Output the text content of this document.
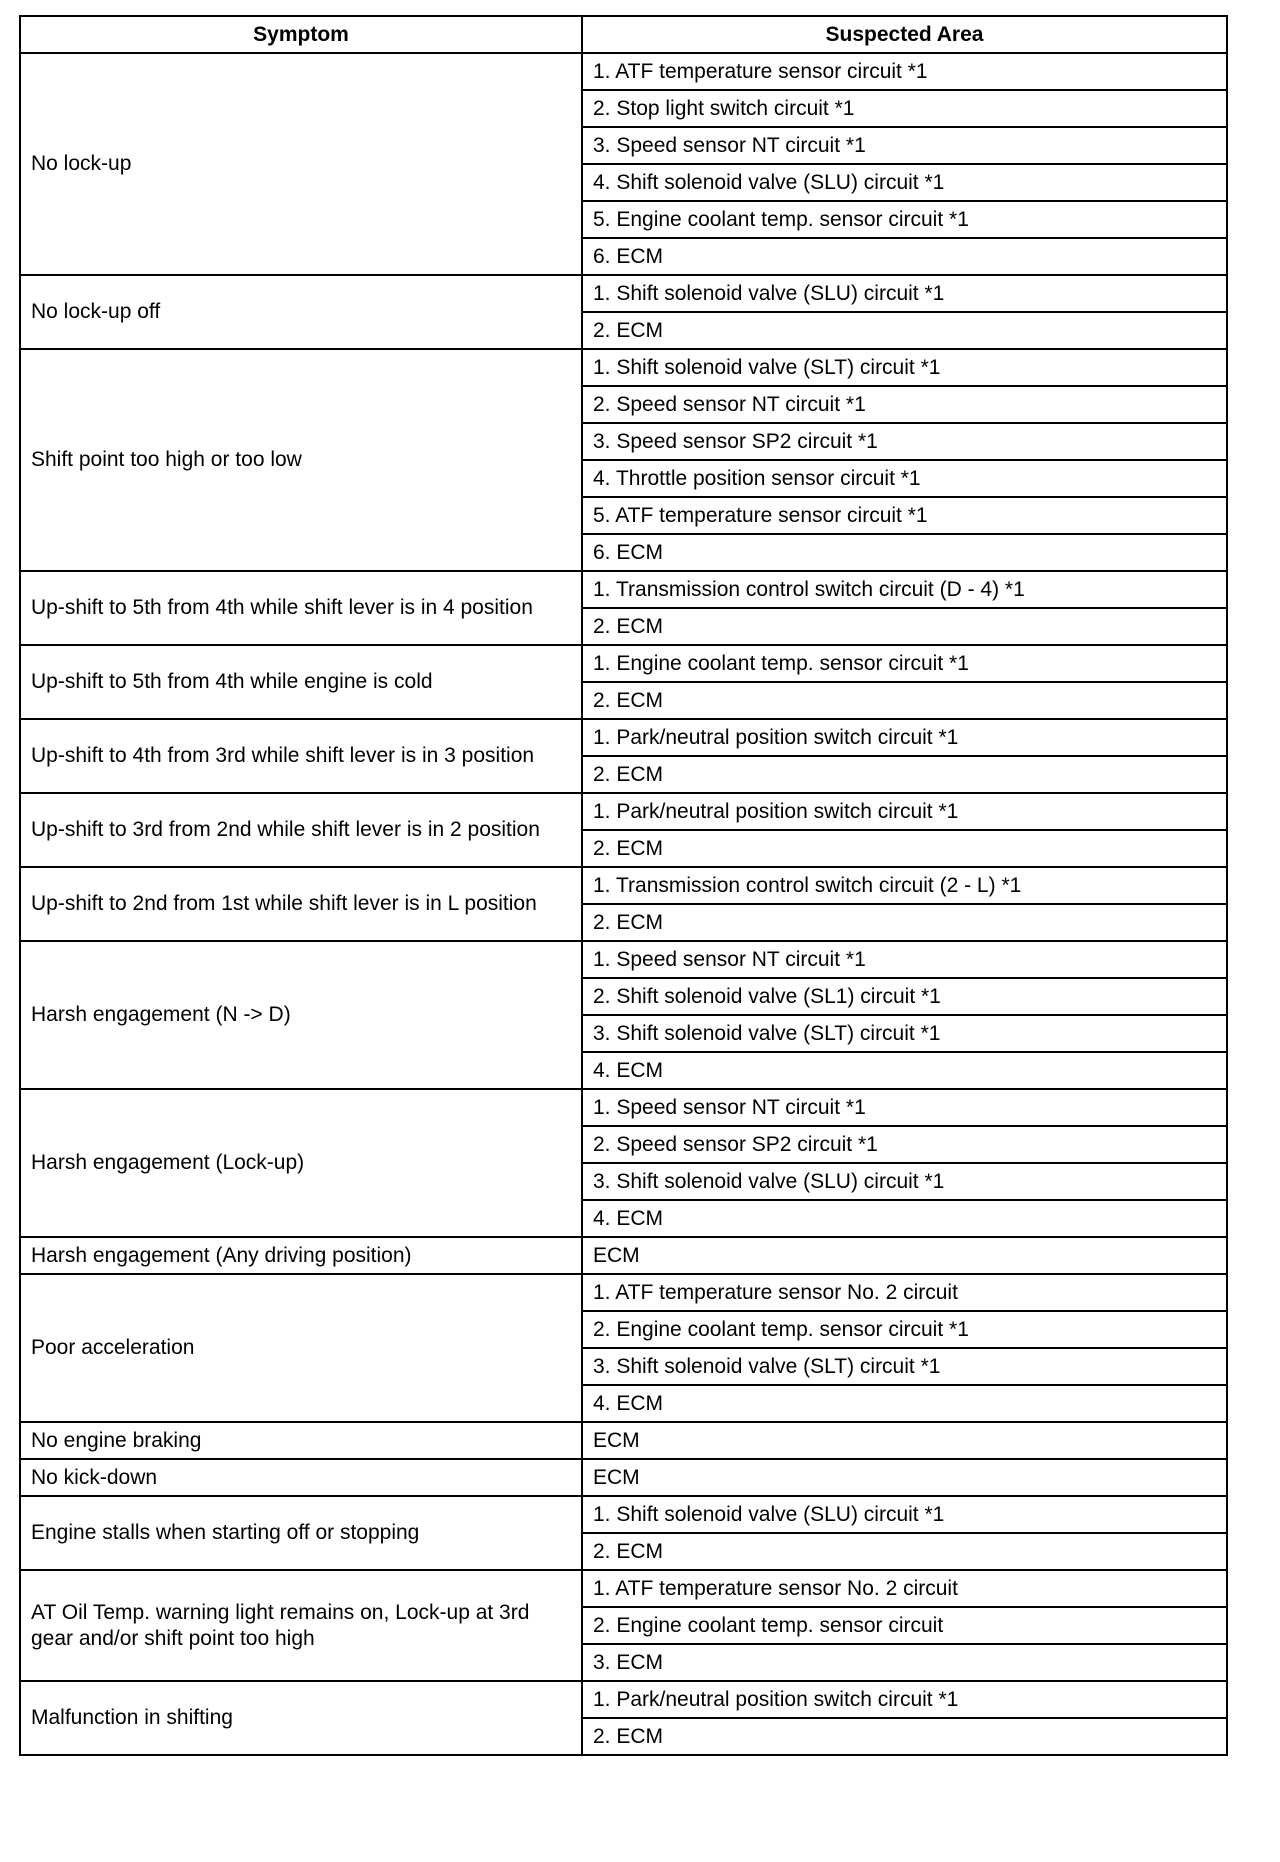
Symptom	Suspected Area
No lock-up	1. ATF temperature sensor circuit *1
	2. Stop light switch circuit *1
	3. Speed sensor NT circuit *1
	4. Shift solenoid valve (SLU) circuit *1
	5. Engine coolant temp. sensor circuit *1
	6. ECM
No lock-up off	1. Shift solenoid valve (SLU) circuit *1
	2. ECM
Shift point too high or too low	1. Shift solenoid valve (SLT) circuit *1
	2. Speed sensor NT circuit *1
	3. Speed sensor SP2 circuit *1
	4. Throttle position sensor circuit *1
	5. ATF temperature sensor circuit *1
	6. ECM
Up-shift to 5th from 4th while shift lever is in 4 position	1. Transmission control switch circuit (D - 4) *1
	2. ECM
Up-shift to 5th from 4th while engine is cold	1. Engine coolant temp. sensor circuit *1
	2. ECM
Up-shift to 4th from 3rd while shift lever is in 3 position	1. Park/neutral position switch circuit *1
	2. ECM
Up-shift to 3rd from 2nd while shift lever is in 2 position	1. Park/neutral position switch circuit *1
	2. ECM
Up-shift to 2nd from 1st while shift lever is in L position	1. Transmission control switch circuit (2 - L) *1
	2. ECM
Harsh engagement (N -> D)	1. Speed sensor NT circuit *1
	2. Shift solenoid valve (SL1) circuit *1
	3. Shift solenoid valve (SLT) circuit *1
	4. ECM
Harsh engagement (Lock-up)	1. Speed sensor NT circuit *1
	2. Speed sensor SP2 circuit *1
	3. Shift solenoid valve (SLU) circuit *1
	4. ECM
Harsh engagement (Any driving position)	ECM
Poor acceleration	1. ATF temperature sensor No. 2 circuit
	2. Engine coolant temp. sensor circuit *1
	3. Shift solenoid valve (SLT) circuit *1
	4. ECM
No engine braking	ECM
No kick-down	ECM
Engine stalls when starting off or stopping	1. Shift solenoid valve (SLU) circuit *1
	2. ECM
AT Oil Temp. warning light remains on, Lock-up at 3rd gear and/or shift point too high	1. ATF temperature sensor No. 2 circuit
	2. Engine coolant temp. sensor circuit
	3. ECM
Malfunction in shifting	1. Park/neutral position switch circuit *1
	2. ECM
